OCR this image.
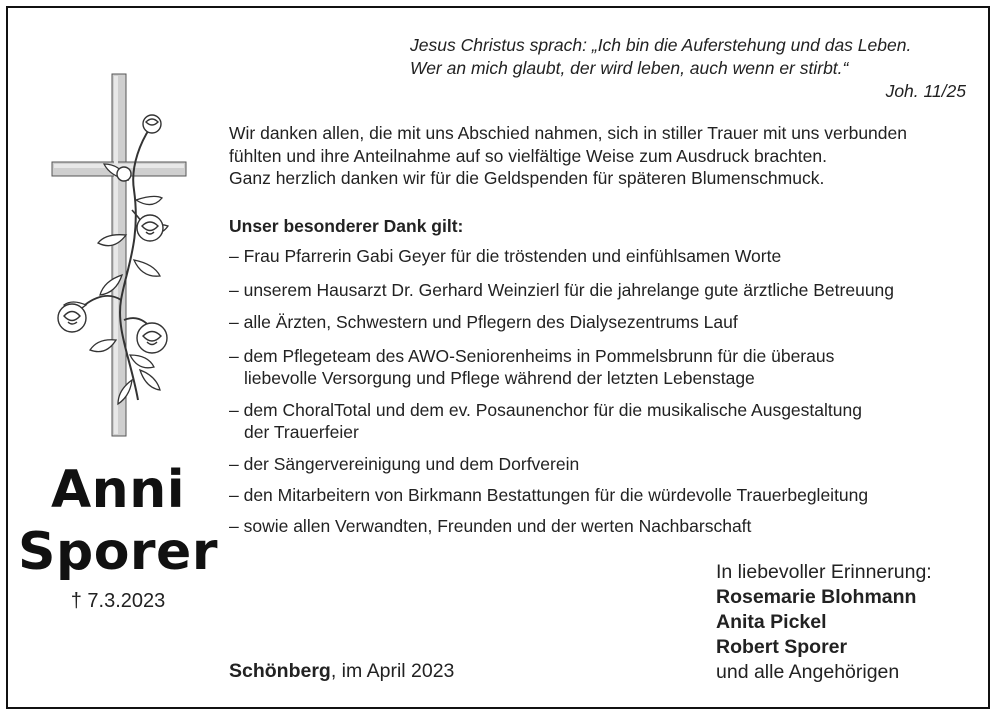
Jesus Christus sprach: „Ich bin die Auferstehung und das Leben.
Wer an mich glaubt, der wird leben, auch wenn er stirbt.“
Joh. 11/25
Anni
Sporer
† 7.3.2023
Wir danken allen, die mit uns Abschied nahmen, sich in stiller Trauer mit uns verbunden
fühlten und ihre Anteilnahme auf so vielfältige Weise zum Ausdruck brachten.
Ganz herzlich danken wir für die Geldspenden für späteren Blumenschmuck.
Unser besonderer Dank gilt:
– Frau Pfarrerin Gabi Geyer für die tröstenden und einfühlsamen Worte
– unserem Hausarzt Dr. Gerhard Weinzierl für die jahrelange gute ärztliche Betreuung
– alle Ärzten, Schwestern und Pflegern des Dialysezentrums Lauf
– dem Pflegeteam des AWO-Seniorenheims in Pommelsbrunn für die überaus
liebevolle Versorgung und Pflege während der letzten Lebenstage
– dem ChoralTotal und dem ev. Posaunenchor für die musikalische Ausgestaltung
der Trauerfeier
– der Sängervereinigung und dem Dorfverein
– den Mitarbeitern von Birkmann Bestattungen für die würdevolle Trauerbegleitung
– sowie allen Verwandten, Freunden und der werten Nachbarschaft
In liebevoller Erinnerung:
Rosemarie Blohmann
Anita Pickel
Robert Sporer
und alle Angehörigen
Schönberg, im April 2023
